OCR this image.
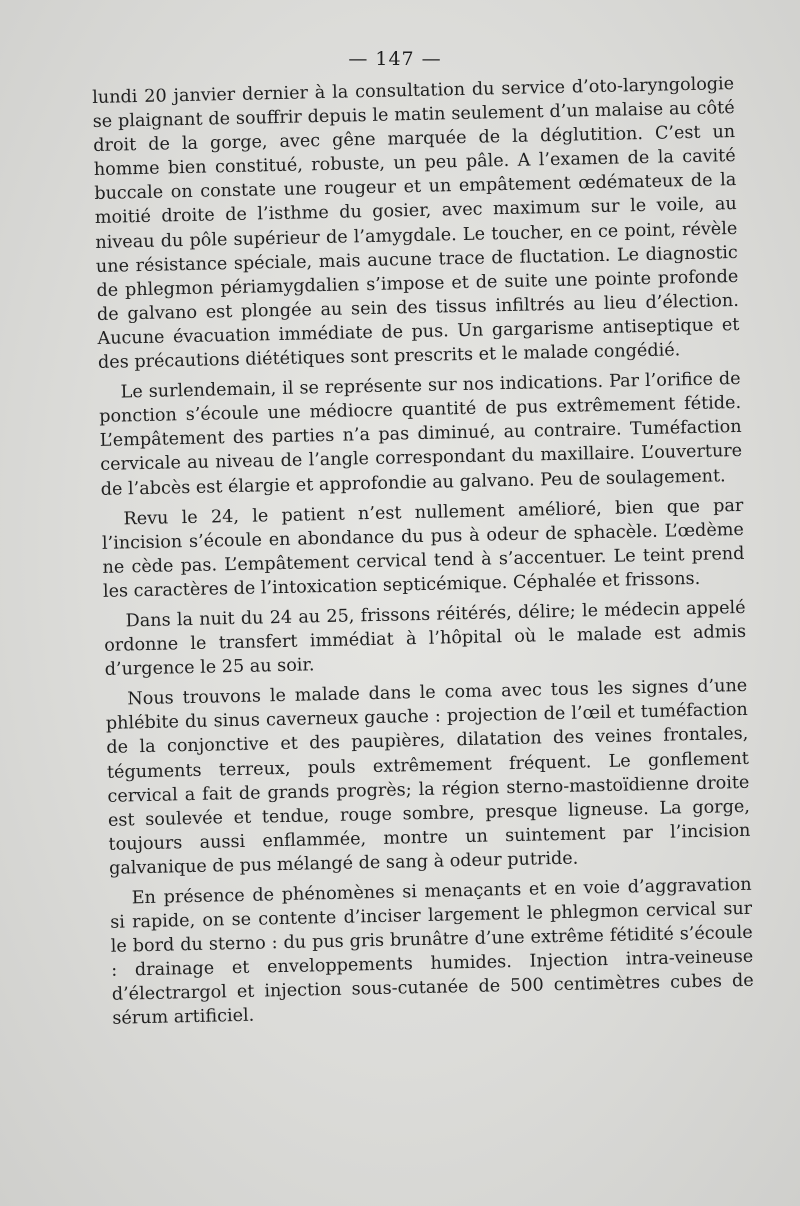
— 147 —

lundi 20 janvier dernier à la consultation du service d’oto-laryngologie se plaignant de souffrir depuis le matin seulement d’un malaise au côté droit de la gorge, avec gêne marquée de la déglutition. C’est un homme bien constitué, robuste, un peu pâle. A l’examen de la cavité buccale on constate une rougeur et un empâtement œdémateux de la moitié droite de l’isthme du gosier, avec maximum sur le voile, au niveau du pôle supérieur de l’amygdale. Le toucher, en ce point, révèle une résistance spéciale, mais aucune trace de fluctation. Le diagnostic de phlegmon périamygdalien s’impose et de suite une pointe profonde de galvano est plongée au sein des tissus infiltrés au lieu d’élection. Aucune évacuation immédiate de pus. Un gargarisme antiseptique et des précautions diététiques sont prescrits et le malade congédié.

Le surlendemain, il se représente sur nos indications. Par l’orifice de ponction s’écoule une médiocre quantité de pus extrêmement fétide. L’empâtement des parties n’a pas diminué, au contraire. Tuméfaction cervicale au niveau de l’angle correspondant du maxillaire. L’ouverture de l’abcès est élargie et approfondie au galvano. Peu de soulagement.

Revu le 24, le patient n’est nullement amélioré, bien que par l’incision s’écoule en abondance du pus à odeur de sphacèle. L’œdème ne cède pas. L’empâtement cervical tend à s’accentuer. Le teint prend les caractères de l’intoxication septicémique. Céphalée et frissons.

Dans la nuit du 24 au 25, frissons réitérés, délire; le médecin appelé ordonne le transfert immédiat à l’hôpital où le malade est admis d’urgence le 25 au soir.

Nous trouvons le malade dans le coma avec tous les signes d’une phlébite du sinus caverneux gauche : projection de l’œil et tuméfaction de la conjonctive et des paupières, dilatation des veines frontales, téguments terreux, pouls extrêmement fréquent. Le gonflement cervical a fait de grands progrès; la région sterno-mastoïdienne droite est soulevée et tendue, rouge sombre, presque ligneuse. La gorge, toujours aussi enflammée, montre un suintement par l’incision galvanique de pus mélangé de sang à odeur putride.

En présence de phénomènes si menaçants et en voie d’aggravation si rapide, on se contente d’inciser largement le phlegmon cervical sur le bord du sterno : du pus gris brunâtre d’une extrême fétidité s’écoule : drainage et enveloppements humides. Injection intra-veineuse d’électrargol et injection sous-cutanée de 500 centimètres cubes de sérum artificiel.
